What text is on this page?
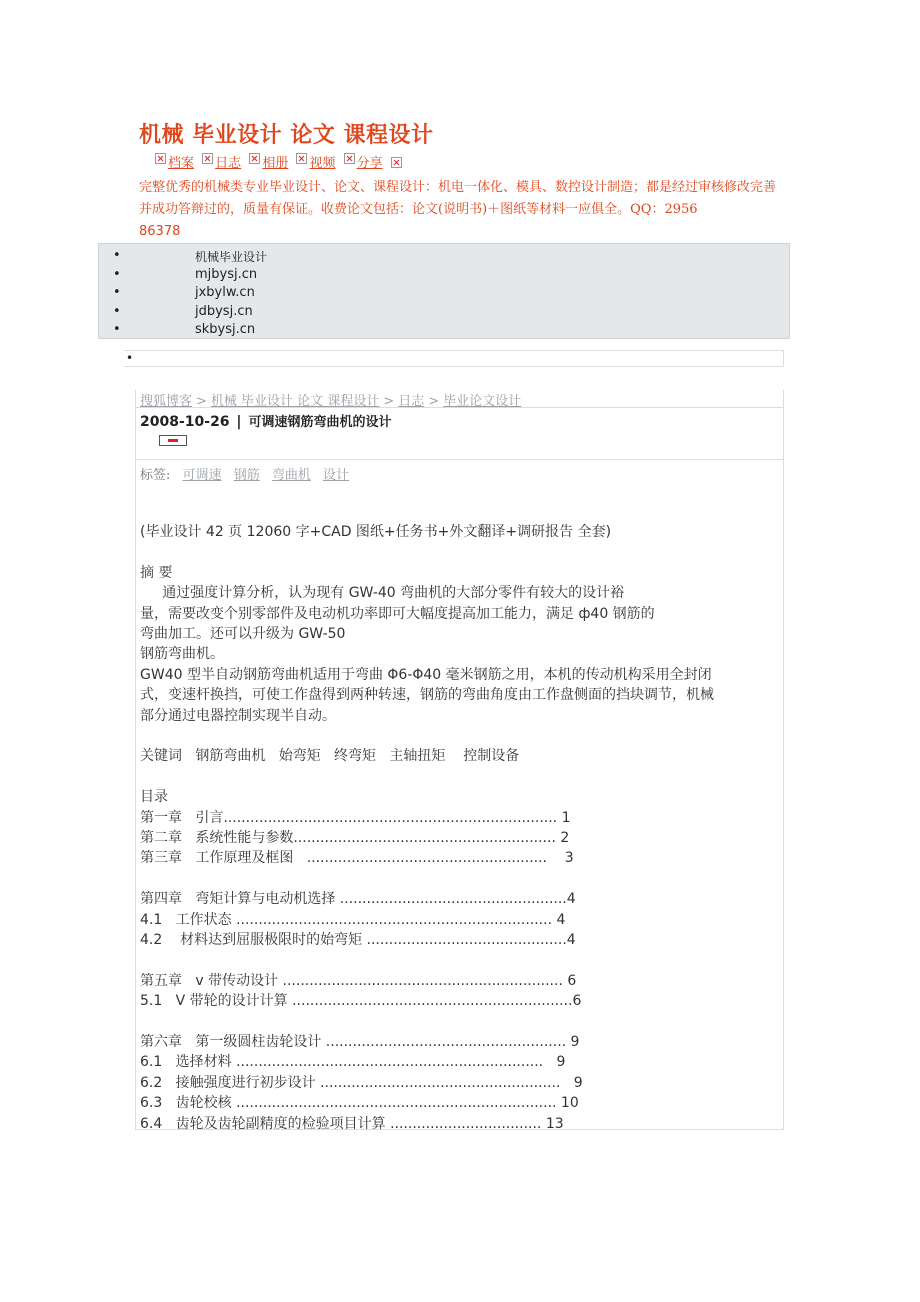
机械 毕业设计 论文 课程设计
档案 日志 相册 视频 分享
完整优秀的机械类专业毕业设计、论文、课程设计：机电一体化、模具、数控设计制造；都是经过审核修改完善并成功答辩过的，质量有保证。收费论文包括：论文(说明书)＋图纸等材料一应俱全。QQ：2956
86378
•	机械毕业设计
•	mjbysj.cn
•	jxbylw.cn
•	jdbysj.cn
•	skbysj.cn
•
搜狐博客 > 机械 毕业设计 论文 课程设计 > 日志 > 毕业论文设计
2008-10-26 | 可调速钢筋弯曲机的设计
标签: 可调速 钢筋 弯曲机 设计

(毕业设计 42 页 12060 字+CAD 图纸+任务书+外文翻译+调研报告 全套)

摘 要

通过强度计算分析，认为现有 GW-40 弯曲机的大部分零件有较大的设计裕

量，需要改变个别零部件及电动机功率即可大幅度提高加工能力，满足 ф40 钢筋的

弯曲加工。还可以升级为 GW-50

钢筋弯曲机。

GW40 型半自动钢筋弯曲机适用于弯曲 Φ6-Φ40 毫米钢筋之用，本机的传动机构采用全封闭

式，变速杆换挡，可使工作盘得到两种转速，钢筋的弯曲角度由工作盘侧面的挡块调节，机械

部分通过电器控制实现半自动。

关键词   钢筋弯曲机   始弯矩   终弯矩   主轴扭矩    控制设备

目录

第一章   引言........................................................................... 1

第二章   系统性能与参数........................................................... 2

第三章   工作原理及框图   ......................................................    3

第四章   弯矩计算与电动机选择 ...................................................4

4.1   工作状态 ....................................................................... 4

4.2    材料达到屈服极限时的始弯矩 .............................................4

第五章   v 带传动设计 ............................................................... 6

5.1   V 带轮的设计计算 ...............................................................6

第六章   第一级圆柱齿轮设计 ...................................................... 9

6.1   选择材料 .....................................................................   9

6.2   接触强度进行初步设计 ......................................................   9

6.3   齿轮校核 ........................................................................ 10

6.4   齿轮及齿轮副精度的检验项目计算 .................................. 13
